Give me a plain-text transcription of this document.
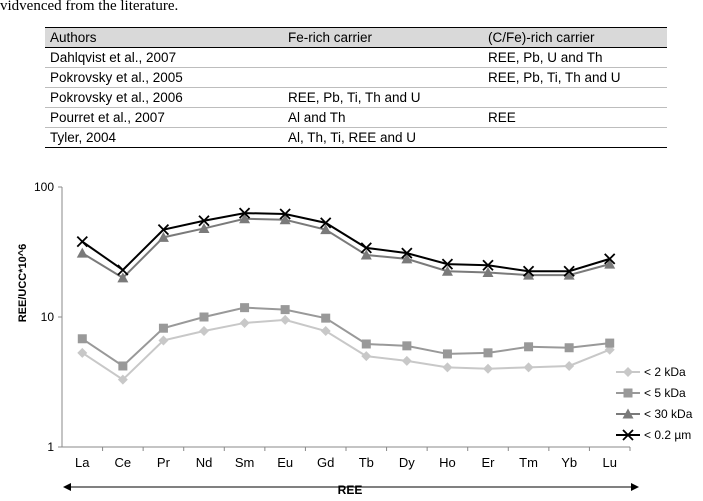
vidvenced from the literature.
Authors	Fe-rich carrier	(C/Fe)-rich carrier
Dahlqvist et al., 2007		REE, Pb, U and Th
Pokrovsky et al., 2005		REE, Pb, Ti, Th and U
Pokrovsky et al., 2006	REE, Pb, Ti, Th and U	
Pourret et al., 2007	Al and Th	REE
Tyler, 2004	Al, Th, Ti, REE and U	
1
10
100
La Ce Pr Nd Sm Eu Gd Tb Dy Ho Er Tm Yb Lu
< 2 kDa
< 5 kDa
< 30 kDa
< 0.2 µm
REE/UCC*10^6
REE
